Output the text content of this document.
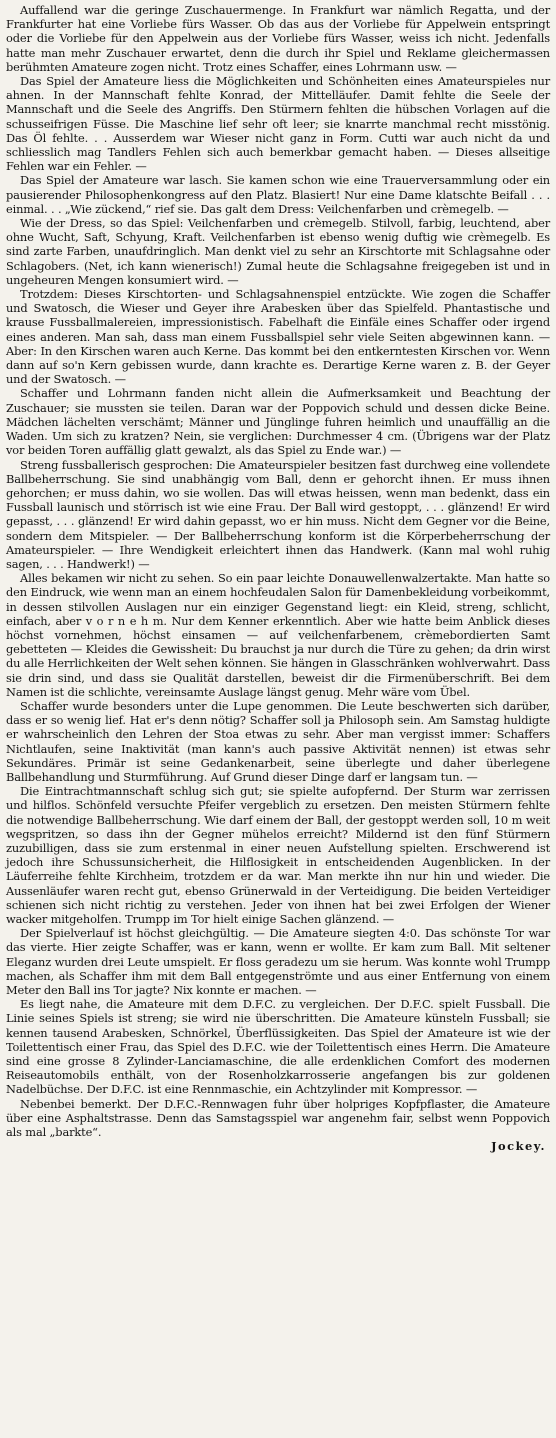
Auffallend war die geringe Zuschauermenge. In Frankfurt war nämlich Regatta, und der Frankfurter hat eine Vorliebe fürs Wasser. Ob das aus der Vorliebe für Appelwein entspringt oder die Vorliebe für den Appelwein aus der Vorliebe fürs Wasser, weiss ich nicht. Jedenfalls hatte man mehr Zuschauer erwartet, denn die durch ihr Spiel und Reklame gleichermassen berühmten Amateure zogen nicht. Trotz eines Schaffer, eines Lohrmann usw. —

Das Spiel der Amateure liess die Möglichkeiten und Schönheiten eines Amateurspieles nur ahnen. In der Mannschaft fehlte Konrad, der Mittelläufer. Damit fehlte die Seele der Mannschaft und die Seele des Angriffs. Den Stürmern fehlten die hübschen Vorlagen auf die schusseifrigen Füsse. Die Maschine lief sehr oft leer; sie knarrte manchmal recht misstönig. Das Öl fehlte. . . Ausserdem war Wieser nicht ganz in Form. Cutti war auch nicht da und schliesslich mag Tandlers Fehlen sich auch bemerkbar gemacht haben. — Dieses allseitige Fehlen war ein Fehler. —

Das Spiel der Amateure war lasch. Sie kamen schon wie eine Trauerversammlung oder ein pausierender Philosophenkongress auf den Platz. Blasiert! Nur eine Dame klatschte Beifall . . . einmal. . . „Wie zückend,“ rief sie. Das galt dem Dress: Veilchenfarben und crèmegelb. —

Wie der Dress, so das Spiel: Veilchenfarben und crèmegelb. Stilvoll, farbig, leuchtend, aber ohne Wucht, Saft, Schyung, Kraft. Veilchenfarben ist ebenso wenig duftig wie crèmegelb. Es sind zarte Farben, unaufdringlich. Man denkt viel zu sehr an Kirschtorte mit Schlagsahne oder Schlagobers. (Net, ich kann wienerisch!) Zumal heute die Schlagsahne freigegeben ist und in ungeheuren Mengen konsumiert wird. —

Trotzdem: Dieses Kirschtorten- und Schlagsahnenspiel entzückte. Wie zogen die Schaffer und Swatosch, die Wieser und Geyer ihre Arabesken über das Spielfeld. Phantastische und krause Fussballmalereien, impressionistisch. Fabelhaft die Einfäle eines Schaffer oder irgend eines anderen. Man sah, dass man einem Fussballspiel sehr viele Seiten abgewinnen kann. — Aber: In den Kirschen waren auch Kerne. Das kommt bei den entkerntesten Kirschen vor. Wenn dann auf so'n Kern gebissen wurde, dann krachte es. Derartige Kerne waren z. B. der Geyer und der Swatosch. —

Schaffer und Lohrmann fanden nicht allein die Aufmerksamkeit und Beachtung der Zuschauer; sie mussten sie teilen. Daran war der Poppovich schuld und dessen dicke Beine. Mädchen lächelten verschämt; Männer und Jünglinge fuhren heimlich und unauffällig an die Waden. Um sich zu kratzen? Nein, sie verglichen: Durchmesser 4 cm. (Übrigens war der Platz vor beiden Toren auffällig glatt gewalzt, als das Spiel zu Ende war.) —

Streng fussballerisch gesprochen: Die Amateurspieler besitzen fast durchweg eine vollendete Ballbeherrschung. Sie sind unabhängig vom Ball, denn er gehorcht ihnen. Er muss ihnen gehorchen; er muss dahin, wo sie wollen. Das will etwas heissen, wenn man bedenkt, dass ein Fussball launisch und störrisch ist wie eine Frau. Der Ball wird gestoppt, . . . glänzend! Er wird gepasst, . . . glänzend! Er wird dahin gepasst, wo er hin muss. Nicht dem Gegner vor die Beine, sondern dem Mitspieler. — Der Ballbeherrschung konform ist die Körperbeherrschung der Amateurspieler. — Ihre Wendigkeit erleichtert ihnen das Handwerk. (Kann mal wohl ruhig sagen, . . . Handwerk!) —

Alles bekamen wir nicht zu sehen. So ein paar leichte Donauwellenwalzertakte. Man hatte so den Eindruck, wie wenn man an einem hochfeudalen Salon für Damenbekleidung vorbeikommt, in dessen stilvollen Auslagen nur ein einziger Gegenstand liegt: ein Kleid, streng, schlicht, einfach, aber v o r n e h m. Nur dem Kenner erkenntlich. Aber wie hatte beim Anblick dieses höchst vornehmen, höchst einsamen — auf veilchenfarbenem, crèmebordierten Samt gebetteten — Kleides die Gewissheit: Du brauchst ja nur durch die Türe zu gehen; da drin wirst du alle Herrlichkeiten der Welt sehen können. Sie hängen in Glasschränken wohlverwahrt. Dass sie drin sind, und dass sie Qualität darstellen, beweist dir die Firmenüberschrift. Bei dem Namen ist die schlichte, vereinsamte Auslage längst genug. Mehr wäre vom Übel.

Schaffer wurde besonders unter die Lupe genommen. Die Leute beschwerten sich darüber, dass er so wenig lief. Hat er's denn nötig? Schaffer soll ja Philosoph sein. Am Samstag huldigte er wahrscheinlich den Lehren der Stoa etwas zu sehr. Aber man vergisst immer: Schaffers Nichtlaufen, seine Inaktivität (man kann's auch passive Aktivität nennen) ist etwas sehr Sekundäres. Primär ist seine Gedankenarbeit, seine überlegte und daher überlegene Ballbehandlung und Sturmführung. Auf Grund dieser Dinge darf er langsam tun. —

Die Eintrachtmannschaft schlug sich gut; sie spielte aufopfernd. Der Sturm war zerrissen und hilflos. Schönfeld versuchte Pfeifer vergeblich zu ersetzen. Den meisten Stürmern fehlte die notwendige Ballbeherrschung. Wie darf einem der Ball, der gestoppt werden soll, 10 m weit wegspritzen, so dass ihn der Gegner mühelos erreicht? Mildernd ist den fünf Stürmern zuzubilligen, dass sie zum erstenmal in einer neuen Aufstellung spielten. Erschwerend ist jedoch ihre Schussunsicherheit, die Hilflosigkeit in entscheidenden Augenblicken. In der Läuferreihe fehlte Kirchheim, trotzdem er da war. Man merkte ihn nur hin und wieder. Die Aussenläufer waren recht gut, ebenso Grünerwald in der Verteidigung. Die beiden Verteidiger schienen sich nicht richtig zu verstehen. Jeder von ihnen hat bei zwei Erfolgen der Wiener wacker mitgeholfen. Trumpp im Tor hielt einige Sachen glänzend. —

Der Spielverlauf ist höchst gleichgültig. — Die Amateure siegten 4:0. Das schönste Tor war das vierte. Hier zeigte Schaffer, was er kann, wenn er wollte. Er kam zum Ball. Mit seltener Eleganz wurden drei Leute umspielt. Er floss geradezu um sie herum. Was konnte wohl Trumpp machen, als Schaffer ihm mit dem Ball entgegenströmte und aus einer Entfernung von einem Meter den Ball ins Tor jagte? Nix konnte er machen. —

Es liegt nahe, die Amateure mit dem D.F.C. zu vergleichen. Der D.F.C. spielt Fussball. Die Linie seines Spiels ist streng; sie wird nie überschritten. Die Amateure künsteln Fussball; sie kennen tausend Arabesken, Schnörkel, Überflüssigkeiten. Das Spiel der Amateure ist wie der Toilettentisch einer Frau, das Spiel des D.F.C. wie der Toilettentisch eines Herrn. Die Amateure sind eine grosse 8 Zylinder-Lanciamaschine, die alle erdenklichen Comfort des modernen Reiseautomobils enthält, von der Rosenholzkarrosserie angefangen bis zur goldenen Nadelbüchse. Der D.F.C. ist eine Rennmaschie, ein Achtzylinder mit Kompressor. —

Nebenbei bemerkt. Der D.F.C.-Rennwagen fuhr über holpriges Kopfpflaster, die Amateure über eine Asphaltstrasse. Denn das Samstagsspiel war angenehm fair, selbst wenn Poppovich als mal „barkte“.

Jockey.
